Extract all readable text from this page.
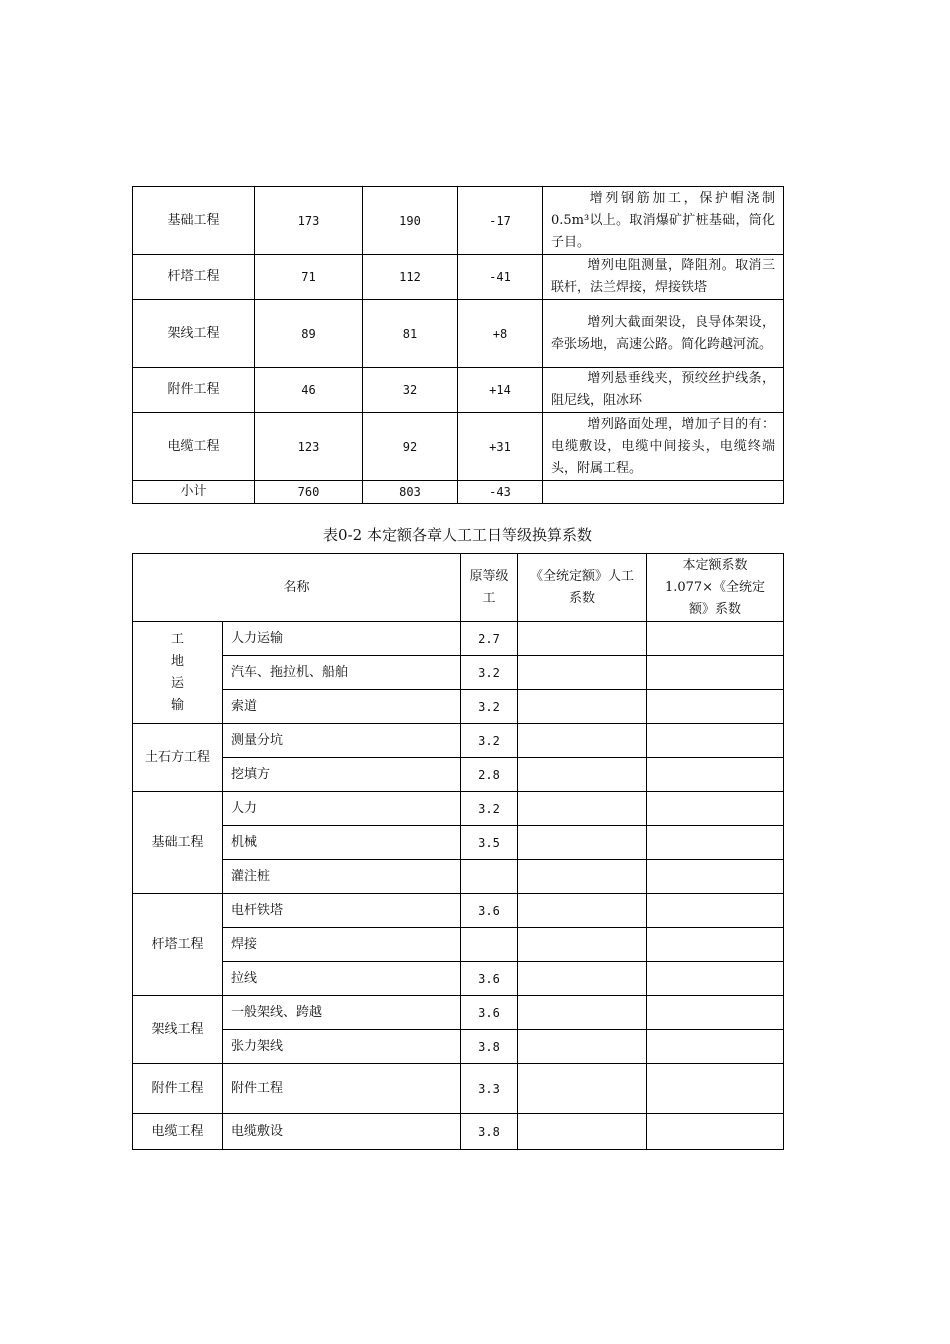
基础工程	173	190	-17	增列钢筋加工，保护帽浇制0.5m³以上。取消爆矿扩桩基础，筒化子目。
杆塔工程	71	112	-41	增列电阻测量，降阻剂。取消三联杆，法兰焊接，焊接铁塔
架线工程	89	81	+8	增列大截面架设，良导体架设，牵张场地，高速公路。简化跨越河流。
附件工程	46	32	+14	增列悬垂线夹，预绞丝护线条，阻尼线，阻冰环
电缆工程	123	92	+31	增列路面处理，增加子目的有：电缆敷设，电缆中间接头，电缆终端头，附属工程。
小计	760	803	-43	
表0-2 本定额各章人工工日等级换算系数
名称		原等级工	《全统定额》人工系数	本定额系数 1.077×《全统定额》系数

工地运输	人力运输	2.7		
	汽车、拖拉机、船舶	3.2		
	索道	3.2		
土石方工程	测量分坑	3.2		
	挖填方	2.8		
基础工程	人力	3.2		
	机械	3.5		
	灌注桩			
杆塔工程	电杆铁塔	3.6		
	焊接			
	拉线	3.6		
架线工程	一般架线、跨越	3.6		
	张力架线	3.8		
附件工程	附件工程	3.3		
电缆工程	电缆敷设	3.8		
